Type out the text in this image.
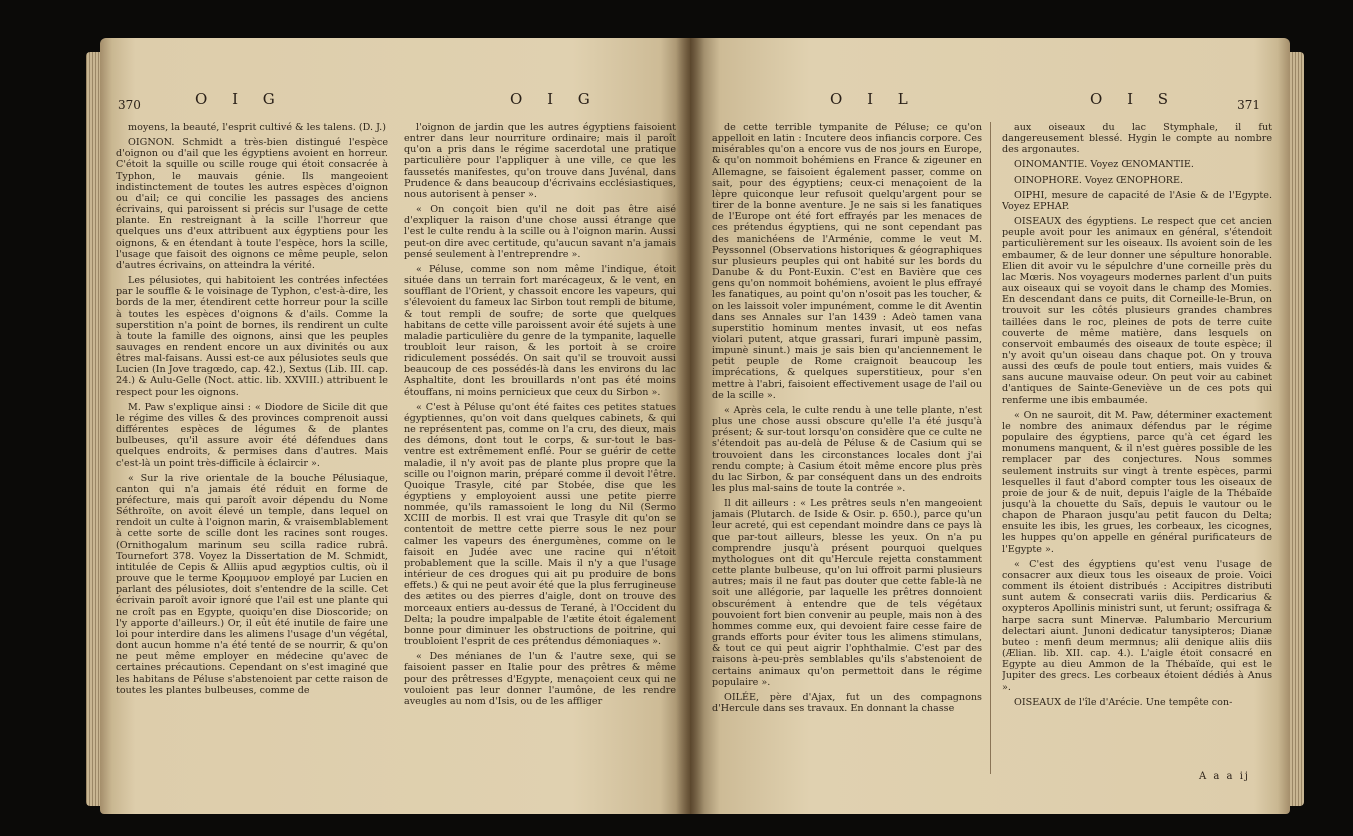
370	O I G	O I G

moyens, la beauté, l'esprit cultivé & les talens. (D. J.)

OIGNON. Schmidt a très-bien distingué l'espèce d'oignon ou d'ail que les égyptiens avoient en horreur. C'étoit la squille ou scille rouge qui étoit consacrée à Typhon, le mauvais génie. Ils mangeoient indistinctement de toutes les autres espèces d'oignon ou d'ail; ce qui concilie les passages des anciens écrivains, qui paroissent si précis sur l'usage de cette plante. En restreignant à la scille l'horreur que quelques uns d'eux attribuent aux égyptiens pour les oignons, & en étendant à toute l'espèce, hors la scille, l'usage que faisoit des oignons ce même peuple, selon d'autres écrivains, on atteindra la vérité.

Les pélusiotes, qui habitoient les contrées infectées par le souffle & le voisinage de Typhon, c'est-à-dire, les bords de la mer, étendirent cette horreur pour la scille à toutes les espèces d'oignons & d'ails. Comme la superstition n'a point de bornes, ils rendirent un culte à toute la famille des oignons, ainsi que les peuples sauvages en rendent encore un aux divinités ou aux êtres mal-faisans. Aussi est-ce aux pélusiotes seuls que Lucien (In Jove tragœdo, cap. 42.), Sextus (Lib. III. cap. 24.) & Aulu-Gelle (Noct. attic. lib. XXVIII.) attribuent le respect pour les oignons.

M. Paw s'explique ainsi : « Diodore de Sicile dit que le régime des villes & des provinces comprenoit aussi différentes espèces de légumes & de plantes bulbeuses, qu'il assure avoir été défendues dans quelques endroits, & permises dans d'autres. Mais c'est-là un point très-difficile à éclaircir ».

« Sur la rive orientale de la bouche Pélusiaque, canton qui n'a jamais été réduit en forme de préfecture, mais qui paroît avoir dépendu du Nome Séthroïte, on avoit élevé un temple, dans lequel on rendoit un culte à l'oignon marin, & vraisemblablement à cette sorte de scille dont les racines sont rouges. (Ornithogalum marinum seu scilla radice rubrâ. Tournefort 378. Voyez la Dissertation de M. Schmidt, intitulée de Cepis & Alliis apud ægyptios cultis, où il prouve que le terme Κρομμυον employé par Lucien en parlant des pélusiotes, doit s'entendre de la scille. Cet écrivain paroît avoir ignoré que l'ail est une plante qui ne croît pas en Egypte, quoiqu'en dise Dioscoride; on l'y apporte d'ailleurs.) Or, il eût été inutile de faire une loi pour interdire dans les alimens l'usage d'un végétal, dont aucun homme n'a été tenté de se nourrir, & qu'on ne peut même employer en médecine qu'avec de certaines précautions. Cependant on s'est imaginé que les habitans de Péluse s'abstenoient par cette raison de toutes les plantes bulbeuses, comme de

l'oignon de jardin que les autres égyptiens faisoient entrer dans leur nourriture ordinaire; mais il paroît qu'on a pris dans le régime sacerdotal une pratique particulière pour l'appliquer à une ville, ce que les faussetés manifestes, qu'on trouve dans Juvénal, dans Prudence & dans beaucoup d'écrivains ecclésiastiques, nous autorisent à penser ».

« On conçoit bien qu'il ne doit pas être aisé d'expliquer la raison d'une chose aussi étrange que l'est le culte rendu à la scille ou à l'oignon marin. Aussi peut-on dire avec certitude, qu'aucun savant n'a jamais pensé seulement à l'entreprendre ».

« Péluse, comme son nom même l'indique, étoit située dans un terrain fort marécageux, & le vent, en soufflant de l'Orient, y chassoit encore les vapeurs, qui s'élevoient du fameux lac Sirbon tout rempli de bitume, & tout rempli de soufre; de sorte que quelques habitans de cette ville paroissent avoir été sujets à une maladie particulière du genre de la tympanite, laquelle troubloit leur raison, & les portoit à se croire ridiculement possédés. On sait qu'il se trouvoit aussi beaucoup de ces possédés-là dans les environs du lac Asphaltite, dont les brouillards n'ont pas été moins étouffans, ni moins pernicieux que ceux du Sirbon ».

« C'est à Péluse qu'ont été faites ces petites statues égyptiennes, qu'on voit dans quelques cabinets, & qui ne représentent pas, comme on l'a cru, des dieux, mais des démons, dont tout le corps, & sur-tout le bas-ventre est extrêmement enflé. Pour se guérir de cette maladie, il n'y avoit pas de plante plus propre que la scille ou l'oignon marin, préparé comme il devoit l'être. Quoique Trasyle, cité par Stobée, dise que les égyptiens y employoient aussi une petite pierre nommée, qu'ils ramassoient le long du Nil (Sermo XCIII de morbis. Il est vrai que Trasyle dit qu'on se contentoit de mettre cette pierre sous le nez pour calmer les vapeurs des énergumènes, comme on le faisoit en Judée avec une racine qui n'étoit probablement que la scille. Mais il n'y a que l'usage intérieur de ces drogues qui ait pu produire de bons effets.) & qui ne peut avoir été que la plus ferrugineuse des ætites ou des pierres d'aigle, dont on trouve des morceaux entiers au-dessus de Terané, à l'Occident du Delta; la poudre impalpable de l'ætite étoit également bonne pour diminuer les obstructions de poitrine, qui troubloient l'esprit de ces prétendus démoniaques ».

« Des ménianes de l'un & l'autre sexe, qui se faisoient passer en Italie pour des prêtres & même pour des prêtresses d'Egypte, menaçoient ceux qui ne vouloient pas leur donner l'aumône, de les rendre aveugles au nom d'Isis, ou de les affliger

O I L	O I S	371

de cette terrible tympanite de Péluse; ce qu'on appelloit en latin : Incutere deos infiancis corpore. Ces misérables qu'on a encore vus de nos jours en Europe, & qu'on nommoit bohémiens en France & zigeuner en Allemagne, se faisoient également passer, comme on sait, pour des égyptiens; ceux-ci menaçoient de la lèpre quiconque leur refusoit quelqu'argent pour se tirer de la bonne aventure. Je ne sais si les fanatiques de l'Europe ont été fort effrayés par les menaces de ces prétendus égyptiens, qui ne sont cependant pas des manichéens de l'Arménie, comme le veut M. Peyssonnel (Observations historiques & géographiques sur plusieurs peuples qui ont habité sur les bords du Danube & du Pont-Euxin. C'est en Bavière que ces gens qu'on nommoit bohémiens, avoient le plus effrayé les fanatiques, au point qu'on n'osoit pas les toucher, & on les laissoit voler impunément, comme le dit Aventin dans ses Annales sur l'an 1439 : Adeò tamen vana superstitio hominum mentes invasit, ut eos nefas violari putent, atque grassari, furari impunè passim, impunè sinunt.) mais je sais bien qu'anciennement le petit peuple de Rome craignoit beaucoup les imprécations, & quelques superstitieux, pour s'en mettre à l'abri, faisoient effectivement usage de l'ail ou de la scille ».

« Après cela, le culte rendu à une telle plante, n'est plus une chose aussi obscure qu'elle l'a été jusqu'à présent; & sur-tout lorsqu'on considère que ce culte ne s'étendoit pas au-delà de Péluse & de Casium qui se trouvoient dans les circonstances locales dont j'ai rendu compte; à Casium étoit même encore plus près du lac Sirbon, & par conséquent dans un des endroits les plus mal-sains de toute la contrée ».

Il dit ailleurs : « Les prêtres seuls n'en mangeoient jamais (Plutarch. de Iside & Osir. p. 650.), parce qu'un leur acreté, qui est cependant moindre dans ce pays là que par-tout ailleurs, blesse les yeux. On n'a pu comprendre jusqu'à présent pourquoi quelques mythologues ont dit qu'Hercule rejetta constamment cette plante bulbeuse, qu'on lui offroit parmi plusieurs autres; mais il ne faut pas douter que cette fable-là ne soit une allégorie, par laquelle les prêtres donnoient obscurément à entendre que de tels végétaux pouvoient fort bien convenir au peuple, mais non à des hommes comme eux, qui devoient faire cesse faire de grands efforts pour éviter tous les alimens stimulans, & tout ce qui peut aigrir l'ophthalmie. C'est par des raisons à-peu-près semblables qu'ils s'abstenoient de certains animaux qu'on permettoit dans le régime populaire ».

OILÉE, père d'Ajax, fut un des compagnons d'Hercule dans ses travaux. En donnant la chasse

aux oiseaux du lac Stymphale, il fut dangereusement blessé. Hygin le compte au nombre des argonautes.

OINOMANTIE. Voyez ŒNOMANTIE.

OINOPHORE. Voyez ŒNOPHORE.

OIPHI, mesure de capacité de l'Asie & de l'Egypte. Voyez EPHAP.

OISEAUX des égyptiens. Le respect que cet ancien peuple avoit pour les animaux en général, s'étendoit particulièrement sur les oiseaux. Ils avoient soin de les embaumer, & de leur donner une sépulture honorable. Elien dit avoir vu le sépulchre d'une corneille près du lac Mœris. Nos voyageurs modernes parlent d'un puits aux oiseaux qui se voyoit dans le champ des Momies. En descendant dans ce puits, dit Corneille-le-Brun, on trouvoit sur les côtés plusieurs grandes chambres taillées dans le roc, pleines de pots de terre cuite couverte de même matière, dans lesquels on conservoit embaumés des oiseaux de toute espèce; il n'y avoit qu'un oiseau dans chaque pot. On y trouva aussi des œufs de poule tout entiers, mais vuides & sans aucune mauvaise odeur. On peut voir au cabinet d'antiques de Sainte-Geneviève un de ces pots qui renferme une ibis embaumée.

« On ne sauroit, dit M. Paw, déterminer exactement le nombre des animaux défendus par le régime populaire des égyptiens, parce qu'à cet égard les monumens manquent, & il n'est guères possible de les remplacer par des conjectures. Nous sommes seulement instruits sur vingt à trente espèces, parmi lesquelles il faut d'abord compter tous les oiseaux de proie de jour & de nuit, depuis l'aigle de la Thébaïde jusqu'à la chouette du Saïs, depuis le vautour ou le chapon de Pharaon jusqu'au petit faucon du Delta; ensuite les ibis, les grues, les corbeaux, les cicognes, les huppes qu'on appelle en général purificateurs de l'Egypte ».

« C'est des égyptiens qu'est venu l'usage de consacrer aux dieux tous les oiseaux de proie. Voici comment ils étoient distribués : Accipitres distributi sunt autem & consecrati variis diis. Perdicarius & oxypteros Apollinis ministri sunt, ut ferunt; ossifraga & harpe sacra sunt Minervæ. Palumbario Mercurium delectari aiunt. Junoni dedicatur tanysipteros; Dianæ buteo : menfi deum mermnus; alii denique aliis diis (Ælian. lib. XII. cap. 4.). L'aigle étoit consacré en Egypte au dieu Ammon de la Thébaïde, qui est le Jupiter des grecs. Les corbeaux étoient dédiés à Anus ».

OISEAUX de l'île d'Arécie. Une tempête con-

A a a ij
